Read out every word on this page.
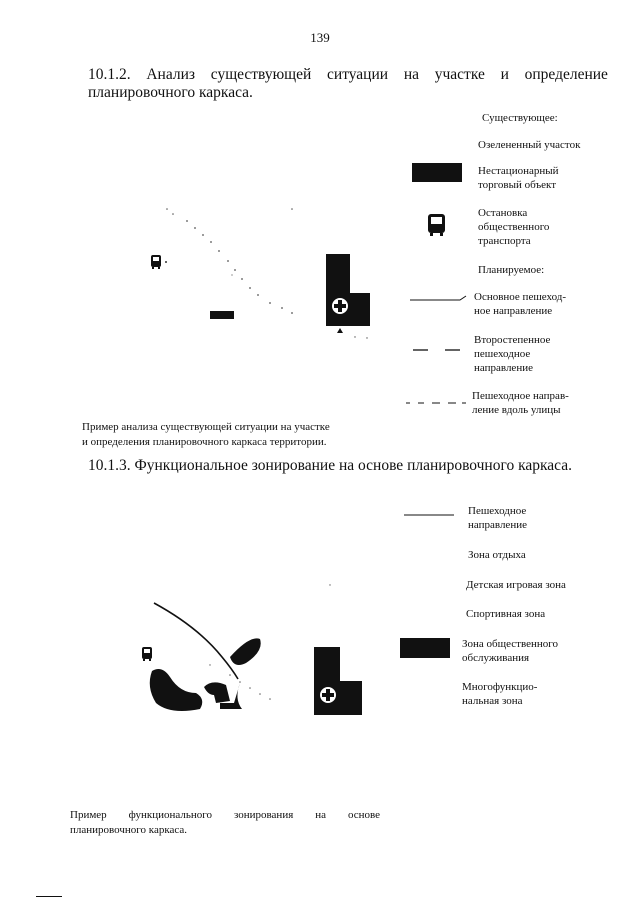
139
10.1.2. Анализ существующей ситуации на участке и определение
планировочного каркаса.
Существующее:
Озелененный участок
Нестационарный
торговый объект
Остановка
общественного
транспорта
Планируемое:
Основное пешеход-
ное направление
Второстепенное
пешеходное
направление
Пешеходное направ-
ление вдоль улицы
Пример анализа существующей ситуации на участке
и определения планировочного каркаса территории.
10.1.3. Функциональное зонирование на основе планировочного каркаса.
Пешеходное
направление
Зона отдыха
Детская игровая зона
Спортивная зона
Зона общественного
обслуживания
Многофункцио-
нальная зона
Пример функционального зонирования на основе
планировочного каркаса.
